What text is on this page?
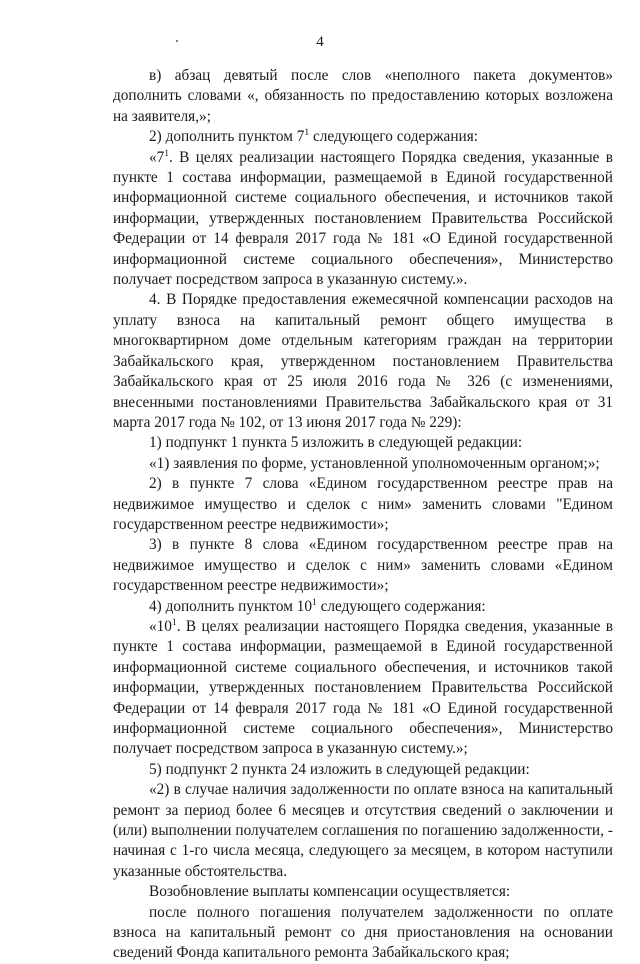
4

в) абзац девятый после слов «неполного пакета документов» дополнить словами «, обязанность по предоставлению которых возложена на заявителя,»;

2) дополнить пунктом $7^1$ следующего содержания:

«$7^1$. В целях реализации настоящего Порядка сведения, указанные в пункте 1 состава информации, размещаемой в Единой государственной информационной системе социального обеспечения, и источников такой информации, утвержденных постановлением Правительства Российской Федерации от 14 февраля 2017 года № 181 «О Единой государственной информационной системе социального обеспечения», Министерство получает посредством запроса в указанную систему.».

4. В Порядке предоставления ежемесячной компенсации расходов на уплату взноса на капитальный ремонт общего имущества в многоквартирном доме отдельным категориям граждан на территории Забайкальского края, утвержденном постановлением Правительства Забайкальского края от 25 июля 2016 года № 326 (с изменениями, внесенными постановлениями Правительства Забайкальского края от 31 марта 2017 года № 102, от 13 июня 2017 года № 229):

1) подпункт 1 пункта 5 изложить в следующей редакции:

«1) заявления по форме, установленной уполномоченным органом;»;

2) в пункте 7 слова «Едином государственном реестре прав на недвижимое имущество и сделок с ним» заменить словами "Едином государственном реестре недвижимости»;

3) в пункте 8 слова «Едином государственном реестре прав на недвижимое имущество и сделок с ним» заменить словами «Едином государственном реестре недвижимости»;

4) дополнить пунктом $10^1$ следующего содержания:

«$10^1$. В целях реализации настоящего Порядка сведения, указанные в пункте 1 состава информации, размещаемой в Единой государственной информационной системе социального обеспечения, и источников такой информации, утвержденных постановлением Правительства Российской Федерации от 14 февраля 2017 года № 181 «О Единой государственной информационной системе социального обеспечения», Министерство получает посредством запроса в указанную систему.»;

5) подпункт 2 пункта 24 изложить в следующей редакции:

«2) в случае наличия задолженности по оплате взноса на капитальный ремонт за период более 6 месяцев и отсутствия сведений о заключении и (или) выполнении получателем соглашения по погашению задолженности, - начиная с 1-го числа месяца, следующего за месяцем, в котором наступили указанные обстоятельства.

Возобновление выплаты компенсации осуществляется:

после полного погашения получателем задолженности по оплате взноса на капитальный ремонт со дня приостановления на основании сведений Фонда капитального ремонта Забайкальского края;
